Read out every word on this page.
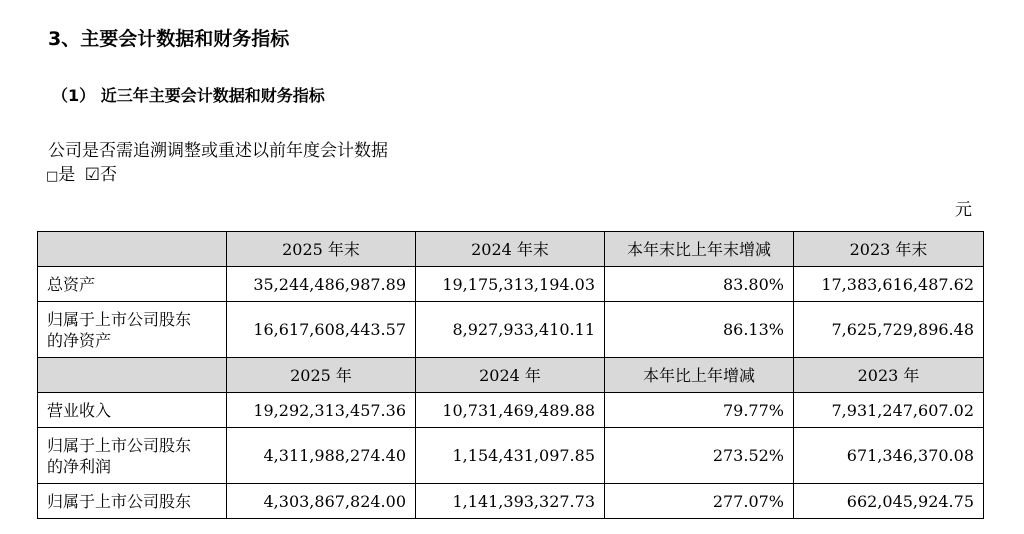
3、主要会计数据和财务指标
（1） 近三年主要会计数据和财务指标
公司是否需追溯调整或重述以前年度会计数据
□是 ☑否
元
	2025 年末	2024 年末	本年末比上年末增减	2023 年末
总资产	35,244,486,987.89	19,175,313,194.03	83.80%	17,383,616,487.62

归属于上市公司股东
的净资产	16,617,608,443.57	8,927,933,410.11	86.13%	7,625,729,896.48
	2025 年	2024 年	本年比上年增减	2023 年
营业收入	19,292,313,457.36	10,731,469,489.88	79.77%	7,931,247,607.02

归属于上市公司股东
的净利润	4,311,988,274.40	1,154,431,097.85	273.52%	671,346,370.08
归属于上市公司股东	4,303,867,824.00	1,141,393,327.73	277.07%	662,045,924.75
